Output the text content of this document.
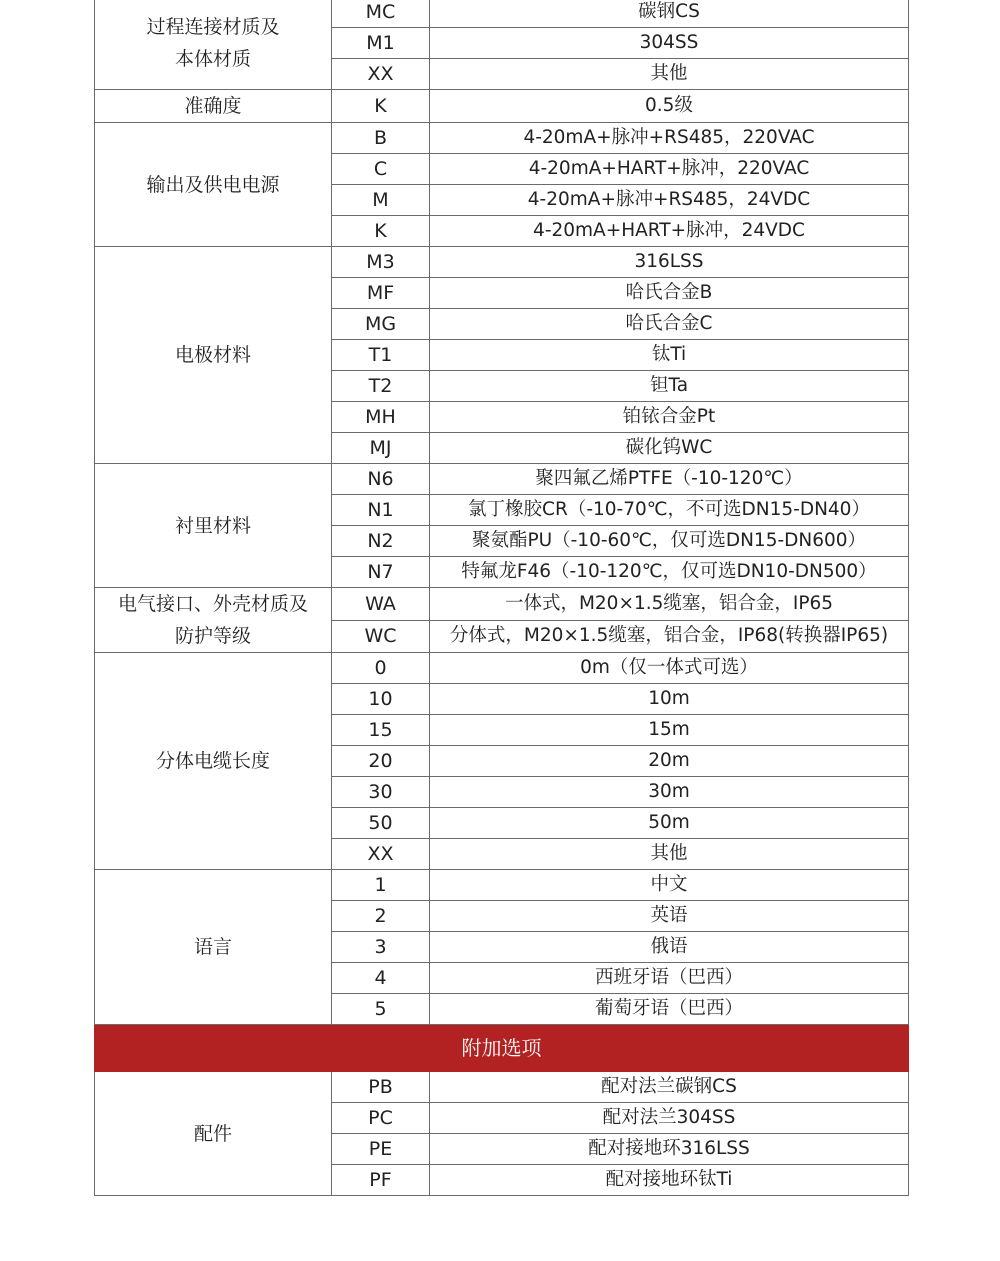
过程连接材质及本体材质	MC	碳钢CS
	M1	304SS
	XX	其他
准确度	K	0.5级
输出及供电电源	B	4-20mA+脉冲+RS485，220VAC
	C	4-20mA+HART+脉冲，220VAC
	M	4-20mA+脉冲+RS485，24VDC
	K	4-20mA+HART+脉冲，24VDC
电极材料	M3	316LSS
	MF	哈氏合金B
	MG	哈氏合金C
	T1	钛Ti
	T2	钽Ta
	MH	铂铱合金Pt
	MJ	碳化钨WC
衬里材料	N6	聚四氟乙烯PTFE（-10-120℃）
	N1	氯丁橡胶CR（-10-70℃，不可选DN15-DN40）
	N2	聚氨酯PU（-10-60℃，仅可选DN15-DN600）
	N7	特氟龙F46（-10-120℃，仅可选DN10-DN500）
电气接口、外壳材质及防护等级	WA	一体式，M20×1.5缆塞，铝合金，IP65
	WC	分体式，M20×1.5缆塞，铝合金，IP68(转换器IP65)
分体电缆长度	0	0m（仅一体式可选）
	10	10m
	15	15m
	20	20m
	30	30m
	50	50m
	XX	其他
语言	1	中文
	2	英语
	3	俄语
	4	西班牙语（巴西）
	5	葡萄牙语（巴西）
附加选项		
配件	PB	配对法兰碳钢CS
	PC	配对法兰304SS
	PE	配对接地环316LSS
	PF	配对接地环钛Ti
